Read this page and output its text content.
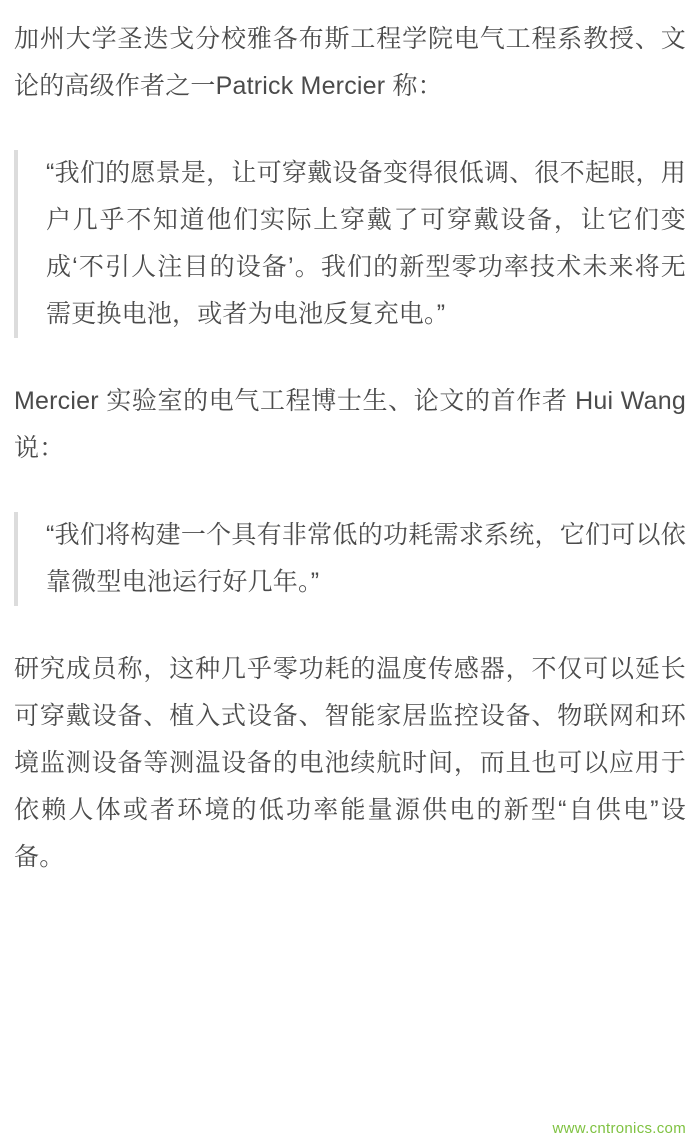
加州大学圣迭戈分校雅各布斯工程学院电气工程系教授、文论的高级作者之一Patrick Mercier 称：

“我们的愿景是，让可穿戴设备变得很低调、很不起眼，用户几乎不知道他们实际上穿戴了可穿戴设备，让它们变成‘不引人注目的设备’。我们的新型零功率技术未来将无需更换电池，或者为电池反复充电。”

Mercier 实验室的电气工程博士生、论文的首作者 Hui Wang 说：

“我们将构建一个具有非常低的功耗需求系统，它们可以依靠微型电池运行好几年。”

研究成员称，这种几乎零功耗的温度传感器，不仅可以延长可穿戴设备、植入式设备、智能家居监控设备、物联网和环境监测设备等测温设备的电池续航时间，而且也可以应用于依赖人体或者环境的低功率能量源供电的新型“自供电”设备。

www.cntronics.com
